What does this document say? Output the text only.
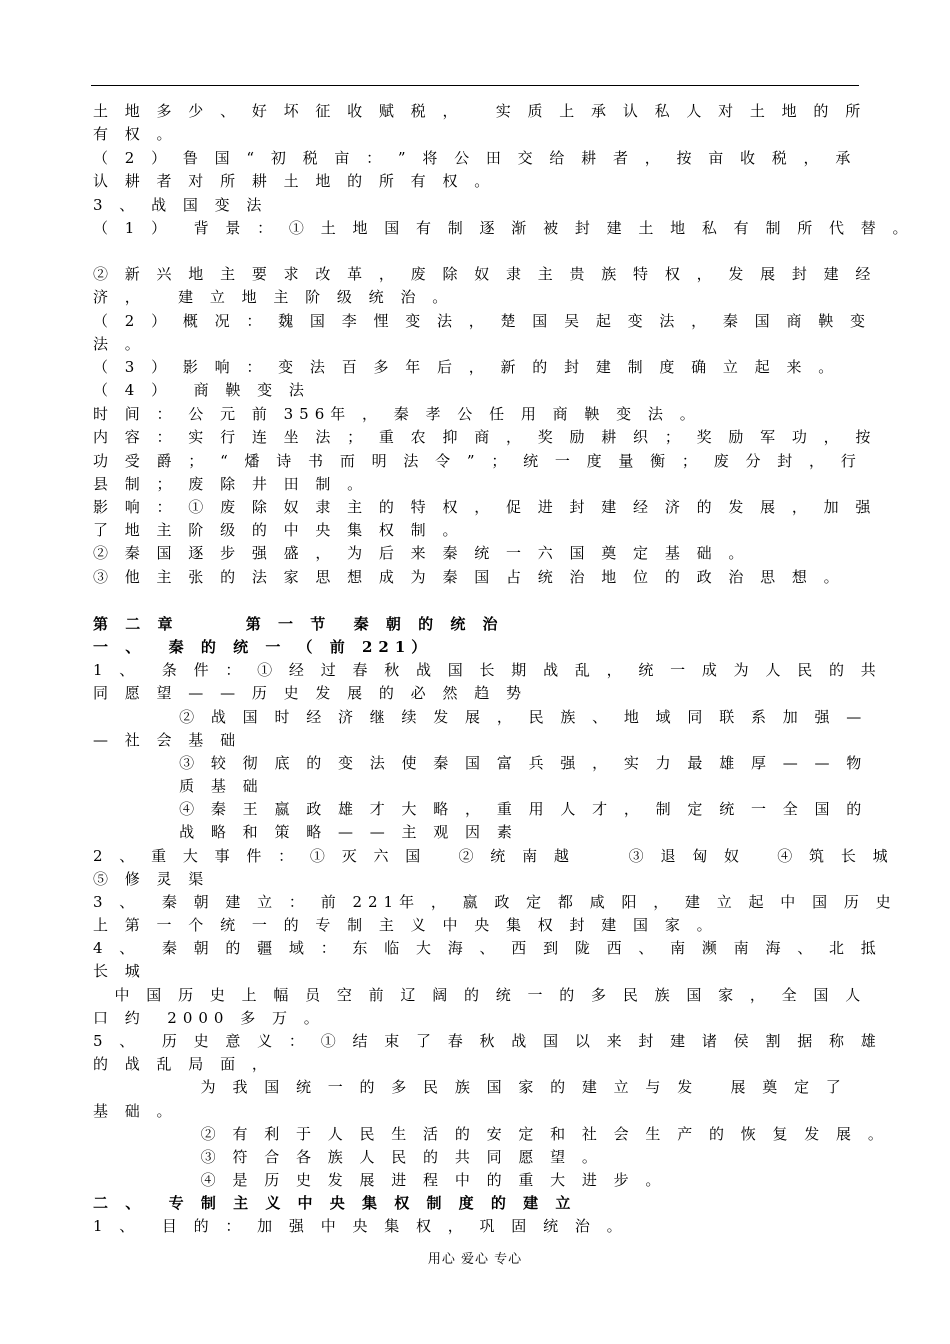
土 地 多 少 、 好 坏 征 收 赋 税 ，   实 质 上 承 认 私 人 对 土 地 的 所
有 权 。
（ 2 ） 鲁 国 “ 初 税 亩 ： ” 将 公 田 交 给 耕 者 ， 按 亩 收 税 ， 承
认 耕 者 对 所 耕 土 地 的 所 有 权 。
3 、 战 国 变 法
（ 1 ）  背 景 ： ① 土 地 国 有 制 逐 渐 被 封 建 土 地 私 有 制 所 代 替 。
② 新 兴 地 主 要 求 改 革 ， 废 除 奴 隶 主 贵 族 特 权 ， 发 展 封 建 经
济 ，   建 立 地 主 阶 级 统 治 。
（ 2 ） 概 况 ： 魏 国 李 悝 变 法 ， 楚 国 吴 起 变 法 ， 秦 国 商 鞅 变
法 。
（ 3 ） 影 响 ： 变 法 百 多 年 后 ， 新 的 封 建 制 度 确 立 起 来 。
（ 4 ）  商 鞅 变 法
时 间 ： 公 元 前 356年 ， 秦 孝 公 任 用 商 鞅 变 法 。
内 容 ： 实 行 连 坐 法 ； 重 农 抑 商 ， 奖 励 耕 织 ； 奖 励 军 功 ， 按
功 受 爵 ； “ 燔 诗 书 而 明 法 令 ” ； 统 一 度 量 衡 ； 废 分 封 ， 行
县 制 ； 废 除 井 田 制 。
影 响 ： ① 废 除 奴 隶 主 的 特 权 ， 促 进 封 建 经 济 的 发 展 ， 加 强
了 地 主 阶 级 的 中 央 集 权 制 。
② 秦 国 逐 步 强 盛 ， 为 后 来 秦 统 一 六 国 奠 定 基 础 。
③ 他 主 张 的 法 家 思 想 成 为 秦 国 占 统 治 地 位 的 政 治 思 想 。
第 二 章      第 一 节  秦 朝 的 统 治
一 、  秦 的 统 一 （ 前 221）
1 、  条 件 ： ① 经 过 春 秋 战 国 长 期 战 乱 ， 统 一 成 为 人 民 的 共
同 愿 望 — — 历 史 发 展 的 必 然 趋 势
② 战 国 时 经 济 继 续 发 展 ， 民 族 、 地 域 同 联 系 加 强 —
— 社 会 基 础
③ 较 彻 底 的 变 法 使 秦 国 富 兵 强 ， 实 力 最 雄 厚 — — 物
质 基 础
④ 秦 王 嬴 政 雄 才 大 略 ， 重 用 人 才 ， 制 定 统 一 全 国 的
战 略 和 策 略 — — 主 观 因 素
2 、 重 大 事 件 ： ① 灭 六 国   ② 统 南 越     ③ 退 匈 奴   ④ 筑 长 城
⑤ 修 灵 渠
3 、  秦 朝 建 立 ： 前 221年 ， 嬴 政 定 都 咸 阳 ， 建 立 起 中 国 历 史
上 第 一 个 统 一 的 专 制 主 义 中 央 集 权 封 建 国 家 。
4 、  秦 朝 的 疆 域 ： 东 临 大 海 、 西 到 陇 西 、 南 濒 南 海 、 北 抵
长 城
中 国 历 史 上 幅 员 空 前 辽 阔 的 统 一 的 多 民 族 国 家 ， 全 国 人
口 约  2000 多 万 。
5 、  历 史 意 义 ： ① 结 束 了 春 秋 战 国 以 来 封 建 诸 侯 割 据 称 雄
的 战 乱 局 面 ，
为 我 国 统 一 的 多 民 族 国 家 的 建 立 与 发   展 奠 定 了
基 础 。
② 有 利 于 人 民 生 活 的 安 定 和 社 会 生 产 的 恢 复 发 展 。
③ 符 合 各 族 人 民 的 共 同 愿 望 。
④ 是 历 史 发 展 进 程 中 的 重 大 进 步 。
二 、  专 制 主 义 中 央 集 权 制 度 的 建 立
1 、  目 的 ： 加 强 中 央 集 权 ， 巩 固 统 治 。
用心 爱心 专心
